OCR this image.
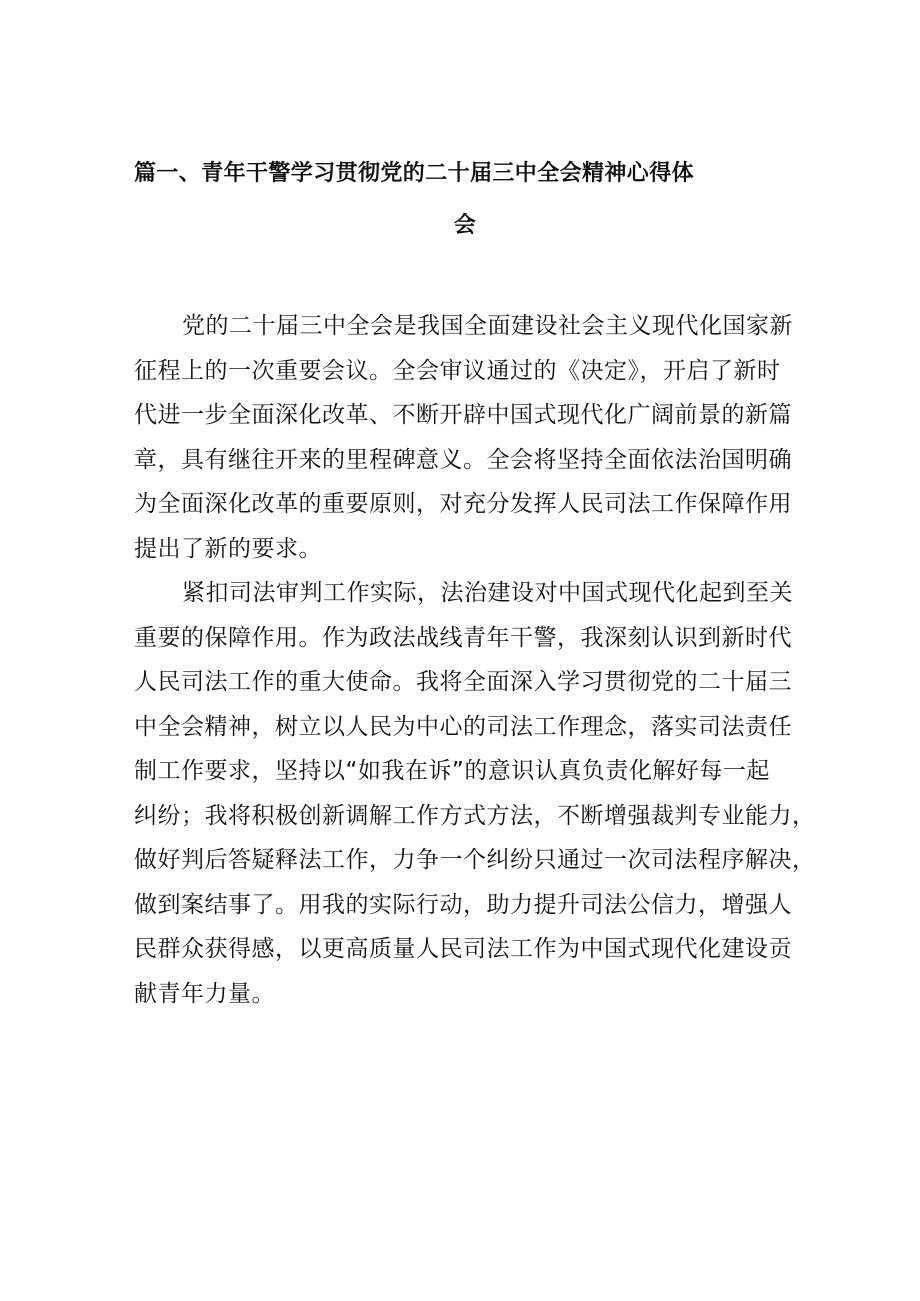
篇一、青年干警学习贯彻党的二十届三中全会精神心得体
会

党的二十届三中全会是我国全面建设社会主义现代化国家新
征程上的一次重要会议。全会审议通过的《决定》，开启了新时
代进一步全面深化改革、不断开辟中国式现代化广阔前景的新篇
章，具有继往开来的里程碑意义。全会将坚持全面依法治国明确
为全面深化改革的重要原则，对充分发挥人民司法工作保障作用
提出了新的要求。

紧扣司法审判工作实际，法治建设对中国式现代化起到至关
重要的保障作用。作为政法战线青年干警，我深刻认识到新时代
人民司法工作的重大使命。我将全面深入学习贯彻党的二十届三
中全会精神，树立以人民为中心的司法工作理念，落实司法责任
制工作要求，坚持以“如我在诉”的意识认真负责化解好每一起
纠纷；我将积极创新调解工作方式方法，不断增强裁判专业能力，
做好判后答疑释法工作，力争一个纠纷只通过一次司法程序解决，
做到案结事了。用我的实际行动，助力提升司法公信力，增强人
民群众获得感，以更高质量人民司法工作为中国式现代化建设贡
献青年力量。
